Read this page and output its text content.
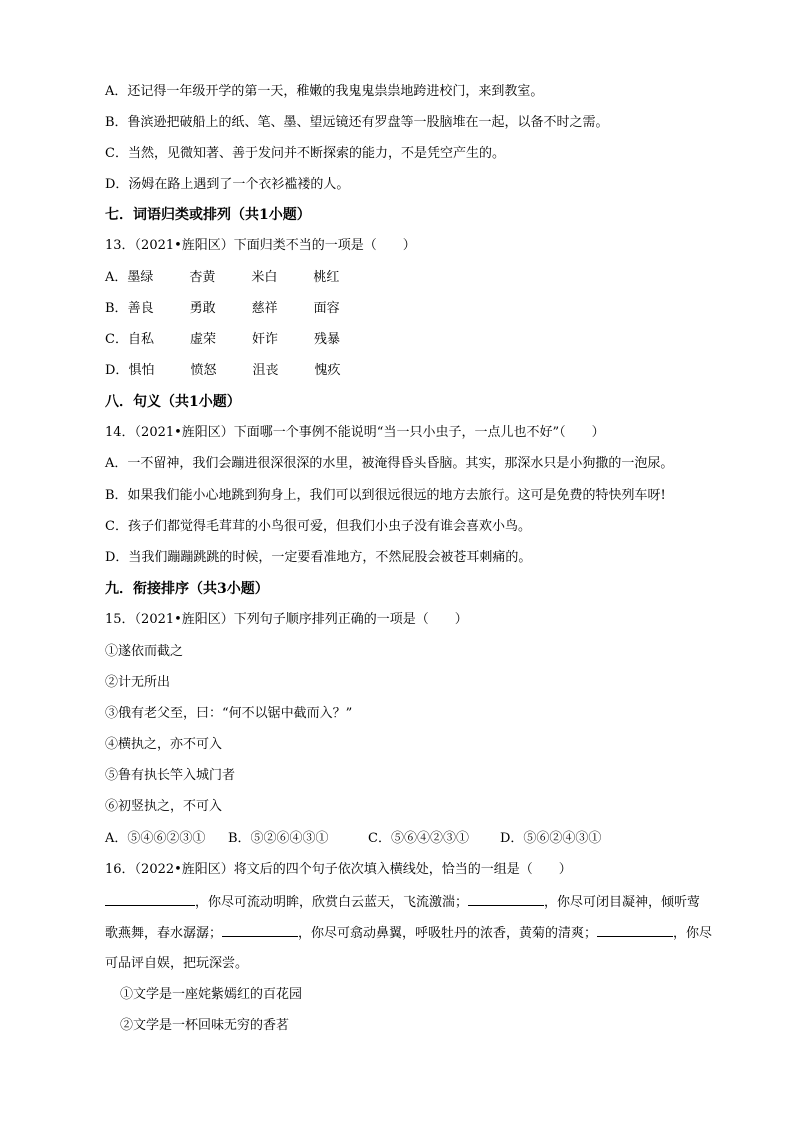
A．还记得一年级开学的第一天，稚嫩的我鬼鬼祟祟地跨进校门，来到教室。
B．鲁滨逊把破船上的纸、笔、墨、望远镜还有罗盘等一股脑堆在一起，以备不时之需。
C．当然，见微知著、善于发问并不断探索的能力，不是凭空产生的。
D．汤姆在路上遇到了一个衣衫褴褛的人。
七．词语归类或排列（共1小题）
13．（2021•旌阳区）下面归类不当的一项是（　　）
A．墨绿	杏黄	米白	桃红
B．善良	勇敢	慈祥	面容
C．自私	虚荣	奸诈	残暴
D．惧怕	愤怒	沮丧	愧疚
八．句义（共1小题）
14．（2021•旌阳区）下面哪一个事例不能说明“当一只小虫子，一点儿也不好”（　　）
A．一不留神，我们会蹦进很深很深的水里，被淹得昏头昏脑。其实，那深水只是小狗撒的一泡尿。
B．如果我们能小心地跳到狗身上，我们可以到很远很远的地方去旅行。这可是免费的特快列车呀!
C．孩子们都觉得毛茸茸的小鸟很可爱，但我们小虫子没有谁会喜欢小鸟。
D．当我们蹦蹦跳跳的时候，一定要看准地方，不然屁股会被苍耳刺痛的。
九．衔接排序（共3小题）
15．（2021•旌阳区）下列句子顺序排列正确的一项是（　　）
①遂依而截之
②计无所出
③俄有老父至，曰：“何不以锯中截而入？”
④横执之，亦不可入
⑤鲁有执长竿入城门者
⑥初竖执之，不可入
A．⑤④⑥②③① B．⑤②⑥④③①	C．⑤⑥④②③① D．⑤⑥②④③①
16．（2022•旌阳区）将文后的四个句子依次填入横线处，恰当的一组是（　　）
，你尽可流动明眸，欣赏白云蓝天，飞流激湍；	，你尽可闭目凝神，倾听莺
歌燕舞，春水潺潺；	，你尽可翕动鼻翼，呼吸牡丹的浓香，黄菊的清爽；	，你尽
可品评自娱，把玩深尝。
①文学是一座姹紫嫣红的百花园
②文学是一杯回味无穷的香茗
